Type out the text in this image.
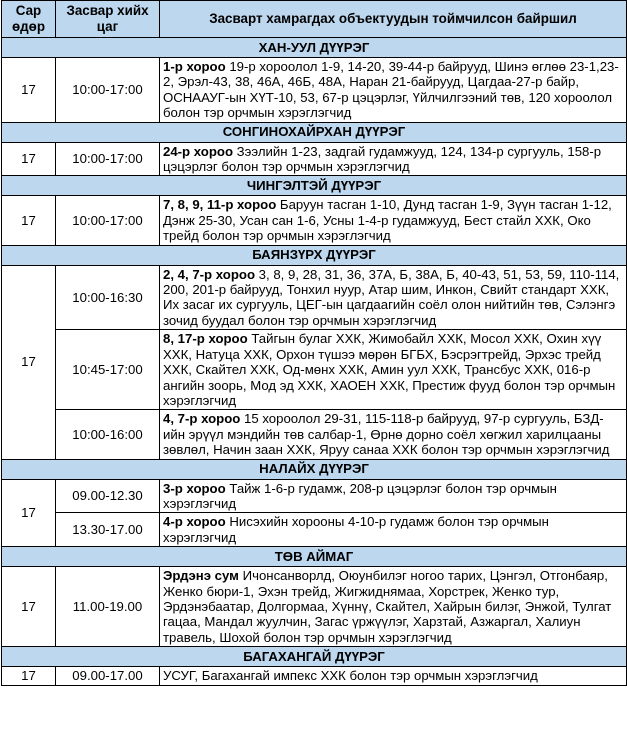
Сар өдөр	Засвар хийх цаг	Засварт хамрагдах объектуудын тоймчилсон байршил
ХАН-УУЛ ДҮҮРЭГ		
17	10:00-17:00	1-р хороо 19-р хороолол 1-9, 14-20, 39-44-р байрууд, Шинэ өглөө 23-1,23-2, Эрэл-43, 38, 46А, 46Б, 48А, Наран 21-байрууд, Цагдаа-27-р байр, ОСНААУГ-ын ХҮТ-10, 53, 67-р цэцэрлэг, Үйлчилгээний төв, 120 хороолол болон тэр орчмын хэрэглэгчид
СОНГИНОХАЙРХАН ДҮҮРЭГ		
17	10:00-17:00	24-р хороо Зээлийн 1-23, задгай гудамжууд, 124, 134-р сургууль, 158-р цэцэрлэг болон тэр орчмын хэрэглэгчид
ЧИНГЭЛТЭЙ ДҮҮРЭГ		
17	10:00-17:00	7, 8, 9, 11-р хороо Баруун тасган 1-10, Дунд тасган 1-9, Зүүн тасган 1-12, Дэнж 25-30, Усан сан 1-6, Усны 1-4-р гудамжууд, Бест стайл ХХК, Око трейд болон тэр орчмын хэрэглэгчид
БАЯНЗҮРХ ДҮҮРЭГ		
17	10:00-16:30	2, 4, 7-р хороо 3, 8, 9, 28, 31, 36, 37А, Б, 38А, Б, 40-43, 51, 53, 59, 110-114, 200, 201-р байрууд, Тонхил нуур, Атар шим, Инкон, Свийт стандарт ХХК, Их засаг их сургууль, ЦЕГ-ын цагдаагийн соёл олон нийтийн төв, Сэлэнгэ зочид буудал болон тэр орчмын хэрэглэгчид
	10:45-17:00	8, 17-р хороо Тайгын булаг ХХК, Жимобайл ХХК, Мосол ХХК, Охин хүү ХХК, Натуца ХХК, Орхон түшээ мөрөн БГБХ, Бэсрэгтрейд, Эрхэс трейд ХХК, Скайтел ХХК, Од-мөнх ХХК, Амин уул ХХК, Трансбус ХХК, 016-р ангийн зоорь, Мод эд ХХК, ХАОЕН ХХК, Престиж фууд болон тэр орчмын хэрэглэгчид
	10:00-16:00	4, 7-р хороо 15 хороолол 29-31, 115-118-р байрууд, 97-р сургууль, БЗД-ийн эрүүл мэндийн төв салбар-1, Өрнө дорно соёл хөгжил харилцааны зөвлөл, Начин заан ХХК, Яруу санаа ХХК болон тэр орчмын хэрэглэгчид
НАЛАЙХ ДҮҮРЭГ		
17	09.00-12.30	3-р хороо Тайж 1-6-р гудамж, 208-р цэцэрлэг болон тэр орчмын хэрэглэгчид
	13.30-17.00	4-р хороо Нисэхийн хорооны 4-10-р гудамж болон тэр орчмын хэрэглэгчид
ТӨВ АЙМАГ		
17	11.00-19.00	Эрдэнэ сум Ичонсанворлд, Оюунбилэг ногоо тарих, Цэнгэл, Отгонбаяр, Женко бюри-1, Эхэн трейд, Жигжиднямаа, Хорстрек, Женко тур, Эрдэнэбаатар, Долгормаа, Хүннү, Скайтел, Хайрын билэг, Энжой, Тулгат гацаа, Мандал жуулчин, Загас үржүүлэг, Харзтай, Азжаргал, Халиун травель, Шохой болон тэр орчмын хэрэглэгчид
БАГАХАНГАЙ ДҮҮРЭГ		
17	09.00-17.00	УСУГ, Багахангай импекс ХХК болон тэр орчмын хэрэглэгчид
